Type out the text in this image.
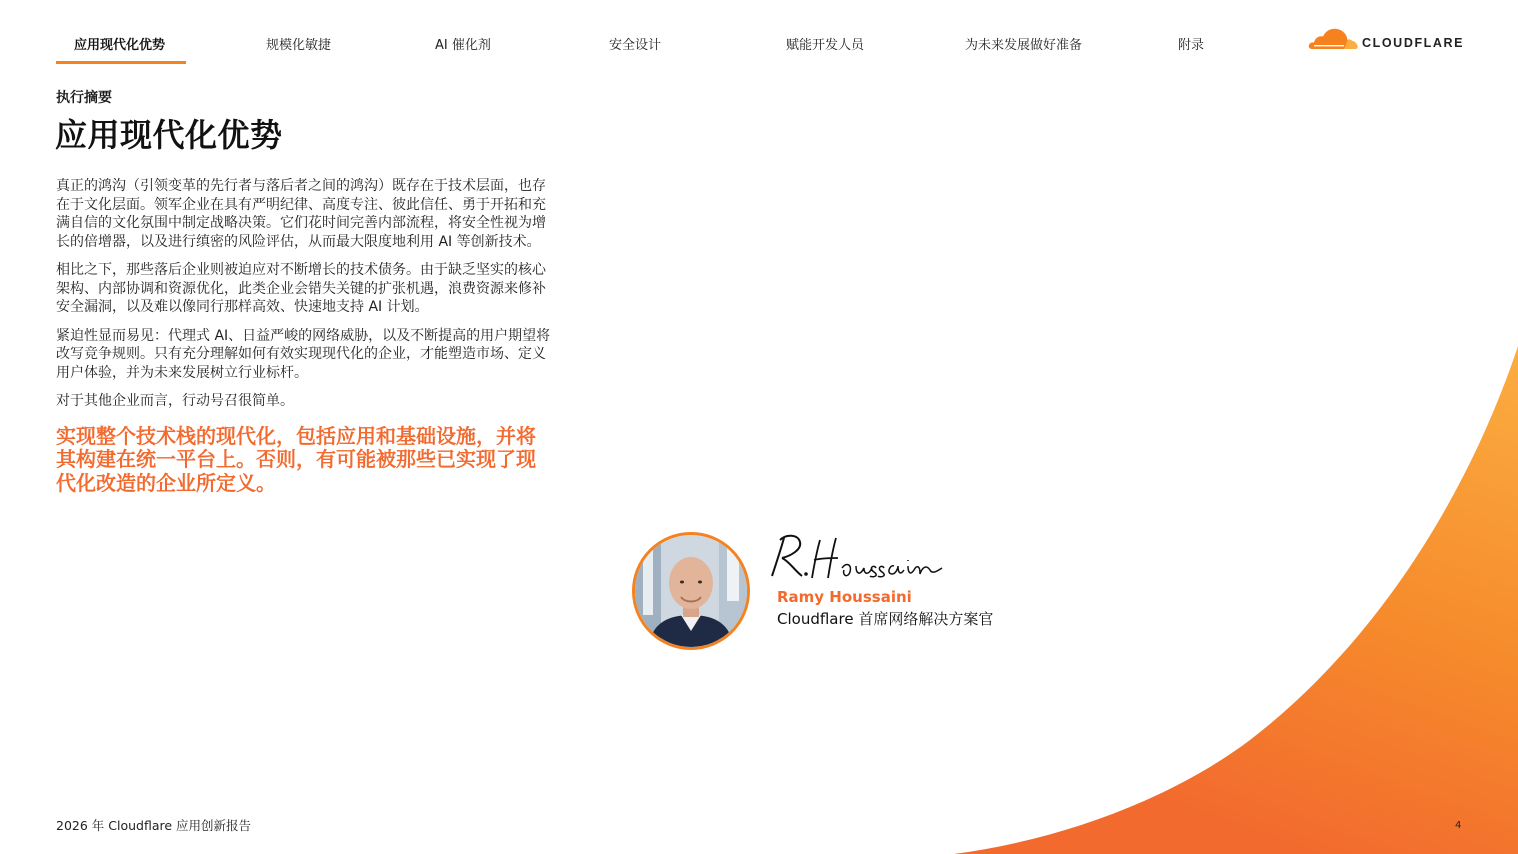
应用现代化优势	规模化敏捷	AI 催化剂	安全设计	赋能开发人员	为未来发展做好准备	附录	CLOUDFLARE
执行摘要
应用现代化优势

真正的鸿沟（引领变革的先行者与落后者之间的鸿沟）既存在于技术层面，也存在于文化层面。领军企业在具有严明纪律、高度专注、彼此信任、勇于开拓和充满自信的文化氛围中制定战略决策。它们花时间完善内部流程，将安全性视为增长的倍增器，以及进行缜密的风险评估，从而最大限度地利用 AI 等创新技术。

相比之下，那些落后企业则被迫应对不断增长的技术债务。由于缺乏坚实的核心架构、内部协调和资源优化，此类企业会错失关键的扩张机遇，浪费资源来修补安全漏洞，以及难以像同行那样高效、快速地支持 AI 计划。

紧迫性显而易见：代理式 AI、日益严峻的网络威胁，以及不断提高的用户期望将改写竞争规则。只有充分理解如何有效实现现代化的企业，才能塑造市场、定义用户体验，并为未来发展树立行业标杆。

对于其他企业而言，行动号召很简单。

实现整个技术栈的现代化，包括应用和基础设施，并将其构建在统一平台上。否则，有可能被那些已实现了现代化改造的企业所定义。

Ramy Houssaini
Cloudflare 首席网络解决方案官
2026 年 Cloudflare 应用创新报告	4
